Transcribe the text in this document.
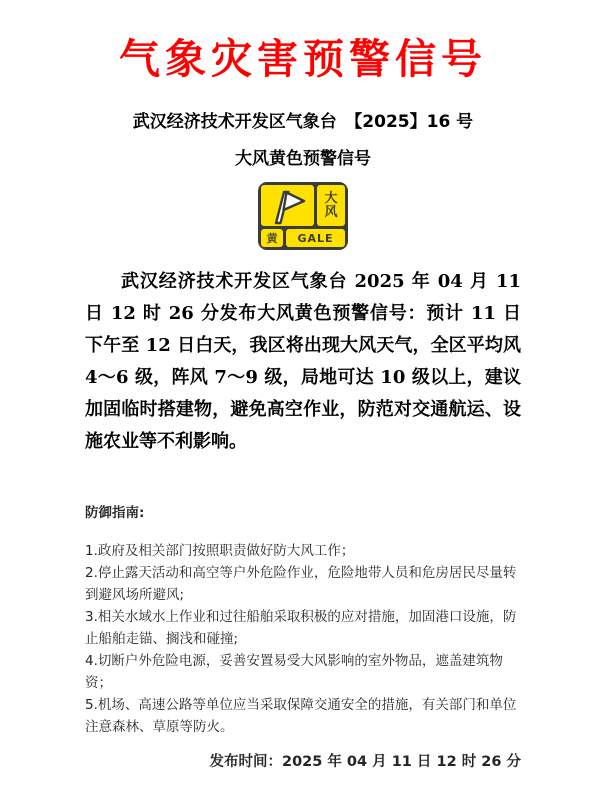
气象灾害预警信号
武汉经济技术开发区气象台　【2025】16 号
大风黄色预警信号
大
风
黄	GALE
武汉经济技术开发区气象台 2025 年 04 月 11 日 12 时 26 分发布大风黄色预警信号：预计 11 日下午至 12 日白天，我区将出现大风天气，全区平均风 4～6 级，阵风 7～9 级，局地可达 10 级以上，建议加固临时搭建物，避免高空作业，防范对交通航运、设施农业等不利影响。
防御指南:

1.政府及相关部门按照职责做好防大风工作；

2.停止露天活动和高空等户外危险作业，危险地带人员和危房居民尽量转到避风场所避风;

3.相关水域水上作业和过往船舶采取积极的应对措施，加固港口设施，防止船舶走锚、搁浅和碰撞;

4.切断户外危险电源，妥善安置易受大风影响的室外物品，遮盖建筑物资；

5.机场、高速公路等单位应当采取保障交通安全的措施，有关部门和单位注意森林、草原等防火。

发布时间：2025 年 04 月 11 日 12 时 26 分
